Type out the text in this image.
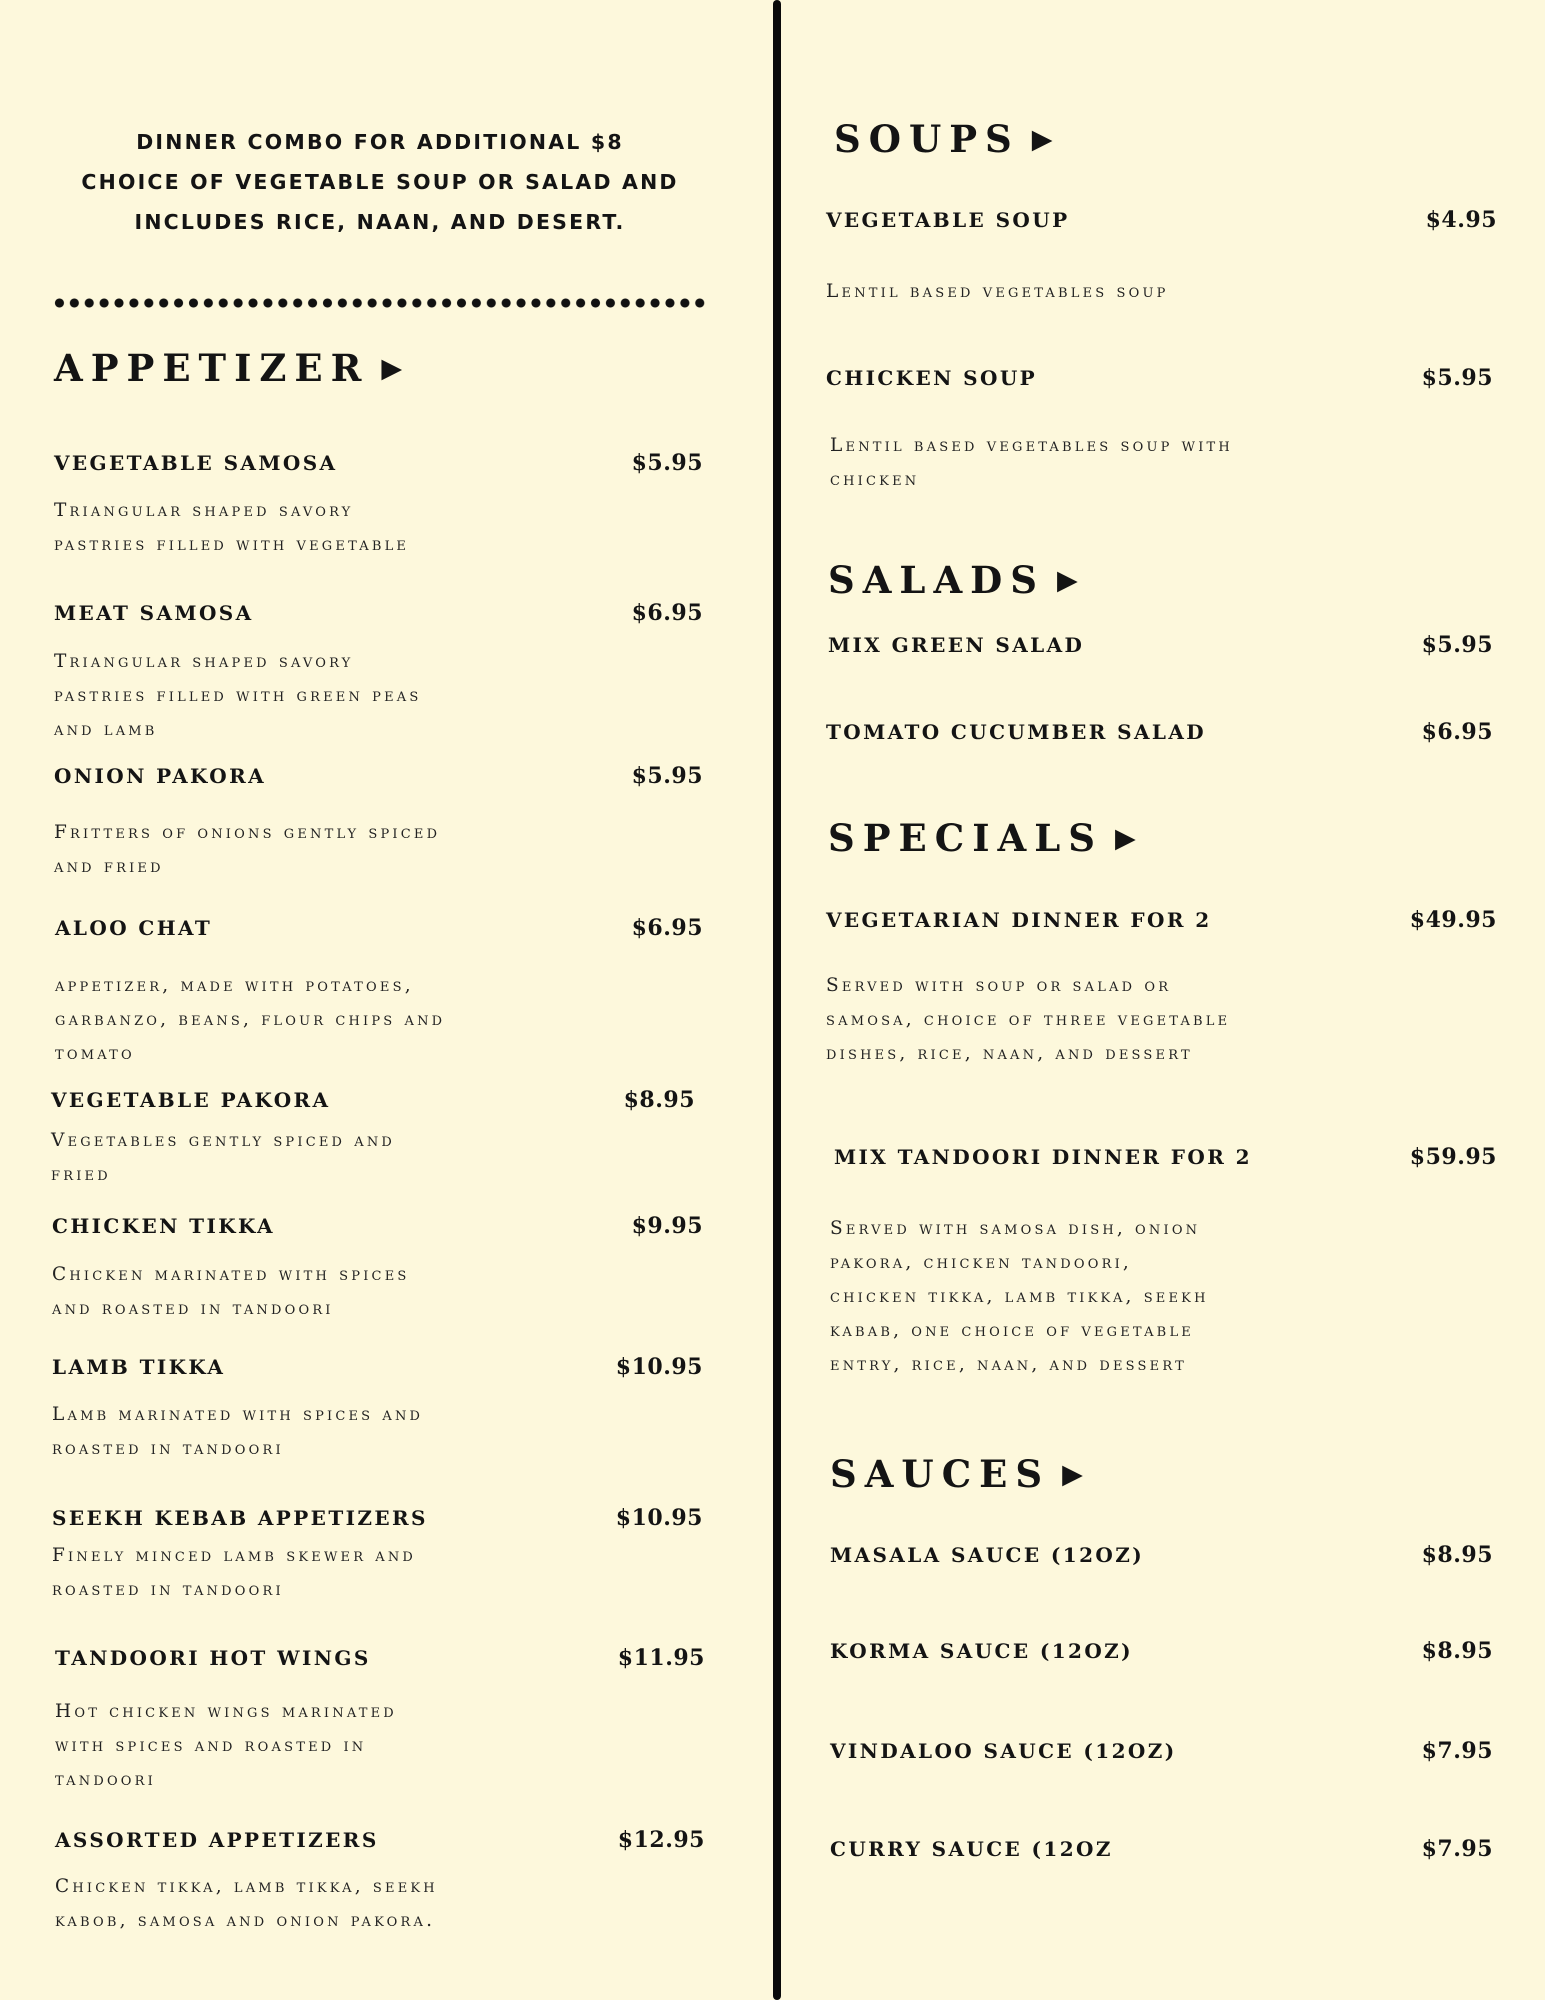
DINNER COMBO FOR ADDITIONAL $8
CHOICE OF VEGETABLE SOUP OR SALAD AND
INCLUDES RICE, NAAN, AND DESERT.
APPETIZER ▶
VEGETABLE SAMOSA	$5.95
Triangular shaped savory
pastries filled with vegetable
MEAT SAMOSA	$6.95
Triangular shaped savory
pastries filled with green peas
and lamb
ONION PAKORA	$5.95
Fritters of onions gently spiced
and fried
ALOO CHAT	$6.95
appetizer, made with potatoes,
garbanzo, beans, flour chips and
tomato
VEGETABLE PAKORA	$8.95
Vegetables gently spiced and
fried
CHICKEN TIKKA	$9.95
Chicken marinated with spices
and roasted in tandoori
LAMB TIKKA	$10.95
Lamb marinated with spices and
roasted in tandoori
SEEKH KEBAB APPETIZERS	$10.95
Finely minced lamb skewer and
roasted in tandoori
TANDOORI HOT WINGS	$11.95
Hot chicken wings marinated
with spices and roasted in
tandoori
ASSORTED APPETIZERS	$12.95
Chicken tikka, lamb tikka, seekh
kabob, samosa and onion pakora.
SOUPS ▶
VEGETABLE SOUP	$4.95
Lentil based vegetables soup
CHICKEN SOUP	$5.95
Lentil based vegetables soup with
chicken
SALADS ▶
MIX GREEN SALAD	$5.95
TOMATO CUCUMBER SALAD	$6.95
SPECIALS ▶
VEGETARIAN DINNER FOR 2	$49.95
Served with soup or salad or
samosa, choice of three vegetable
dishes, rice, naan, and dessert
MIX TANDOORI DINNER FOR 2	$59.95
Served with samosa dish, onion
pakora, chicken tandoori,
chicken tikka, lamb tikka, seekh
kabab, one choice of vegetable
entry, rice, naan, and dessert
SAUCES ▶
MASALA SAUCE (12OZ)	$8.95
KORMA SAUCE (12OZ)	$8.95
VINDALOO SAUCE (12OZ)	$7.95
CURRY SAUCE (12OZ	$7.95
